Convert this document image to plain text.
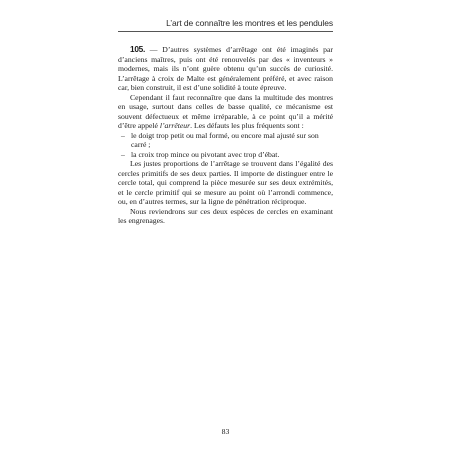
L’art de connaître les montres et les pendules

105. — D’autres systèmes d’arrêtage ont été imaginés par d’anciens maîtres, puis ont été renouvelés par des « inventeurs » modernes, mais ils n’ont guère obtenu qu’un succès de curiosité. L’arrêtage à croix de Malte est généralement préféré, et avec raison car, bien construit, il est d’une solidité à toute épreuve.

Cependant il faut reconnaître que dans la multitude des montres en usage, surtout dans celles de basse qualité, ce mécanisme est souvent défectueux et même irréparable, à ce point qu’il a mérité d’être appelé l’arrêteur. Les défauts les plus fréquents sont :

– le doigt trop petit ou mal formé, ou encore mal ajusté sur son carré ;
– la croix trop mince ou pivotant avec trop d’ébat.

Les justes proportions de l’arrêtage se trouvent dans l’égalité des cercles primitifs de ses deux parties. Il importe de distinguer entre le cercle total, qui comprend la pièce mesurée sur ses deux extrémités, et le cercle primitif qui se mesure au point où l’arrondi commence, ou, en d’autres termes, sur la ligne de pénétration réciproque.

Nous reviendrons sur ces deux espèces de cercles en examinant les engrenages.

83
